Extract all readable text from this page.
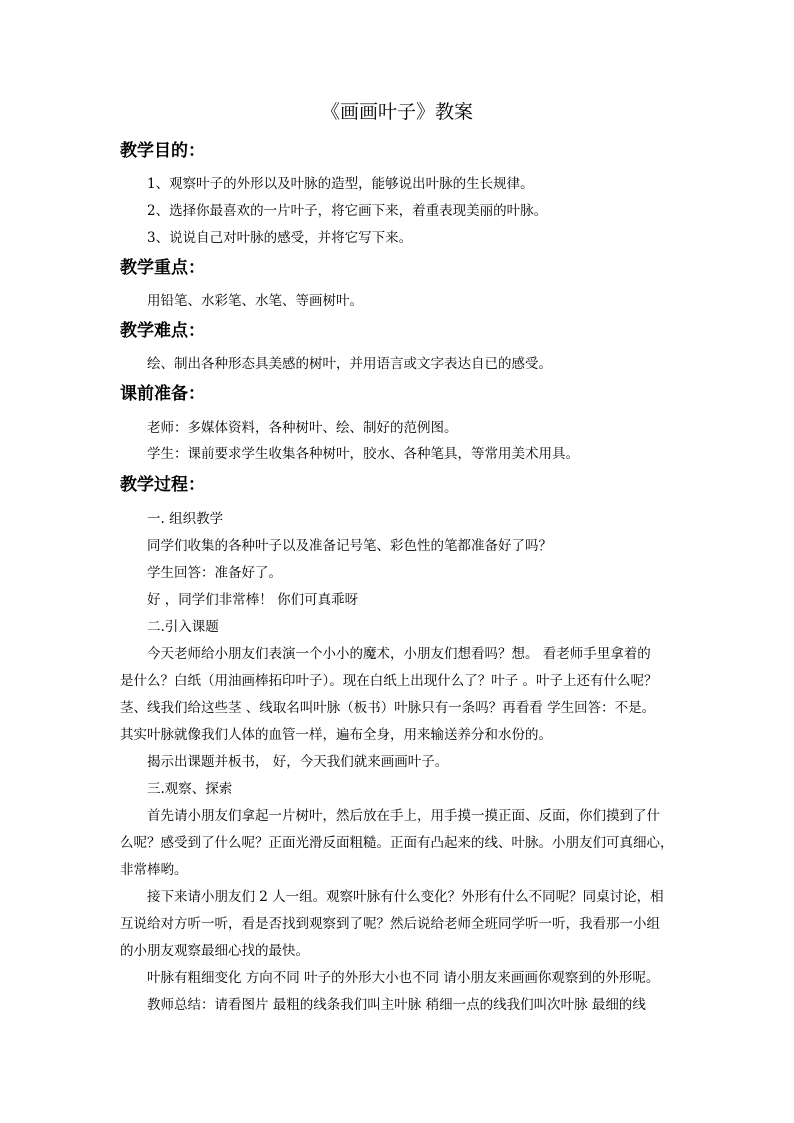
《画画叶子》教案
教学目的：
1、观察叶子的外形以及叶脉的造型，能够说出叶脉的生长规律。
2、选择你最喜欢的一片叶子，将它画下来，着重表现美丽的叶脉。
3、说说自己对叶脉的感受，并将它写下来。
教学重点：
用铅笔、水彩笔、水笔、等画树叶。
教学难点：
绘、制出各种形态具美感的树叶，并用语言或文字表达自已的感受。
课前准备：
老师：多媒体资料，各种树叶、绘、制好的范例图。
学生：课前要求学生收集各种树叶，胶水、各种笔具，等常用美术用具。
教学过程：
一. 组织教学
同学们收集的各种叶子以及准备记号笔、彩色性的笔都准备好了吗？
学生回答：准备好了。
好 ，同学们非常棒！ 你们可真乖呀
二.引入课题
今天老师给小朋友们表演一个小小的魔术，小朋友们想看吗？想。 看老师手里拿着的
是什么？白纸（用油画棒拓印叶子）。现在白纸上出现什么了？叶子 。叶子上还有什么呢？
茎、线我们给这些茎 、线取名叫叶脉（板书）叶脉只有一条吗？再看看 学生回答：不是。
其实叶脉就像我们人体的血管一样，遍布全身，用来输送养分和水份的。
揭示出课题并板书， 好，今天我们就来画画叶子。
三.观察、探索
首先请小朋友们拿起一片树叶，然后放在手上，用手摸一摸正面、反面，你们摸到了什
么呢？感受到了什么呢？正面光滑反面粗糙。正面有凸起来的线、叶脉。小朋友们可真细心，
非常棒哟。
接下来请小朋友们 2 人一组。观察叶脉有什么变化？外形有什么不同呢？同桌讨论，相
互说给对方听一听，看是否找到观察到了呢？然后说给老师全班同学听一听，我看那一小组
的小朋友观察最细心找的最快。
叶脉有粗细变化 方向不同 叶子的外形大小也不同 请小朋友来画画你观察到的外形呢。
教师总结：请看图片 最粗的线条我们叫主叶脉 稍细一点的线我们叫次叶脉 最细的线
